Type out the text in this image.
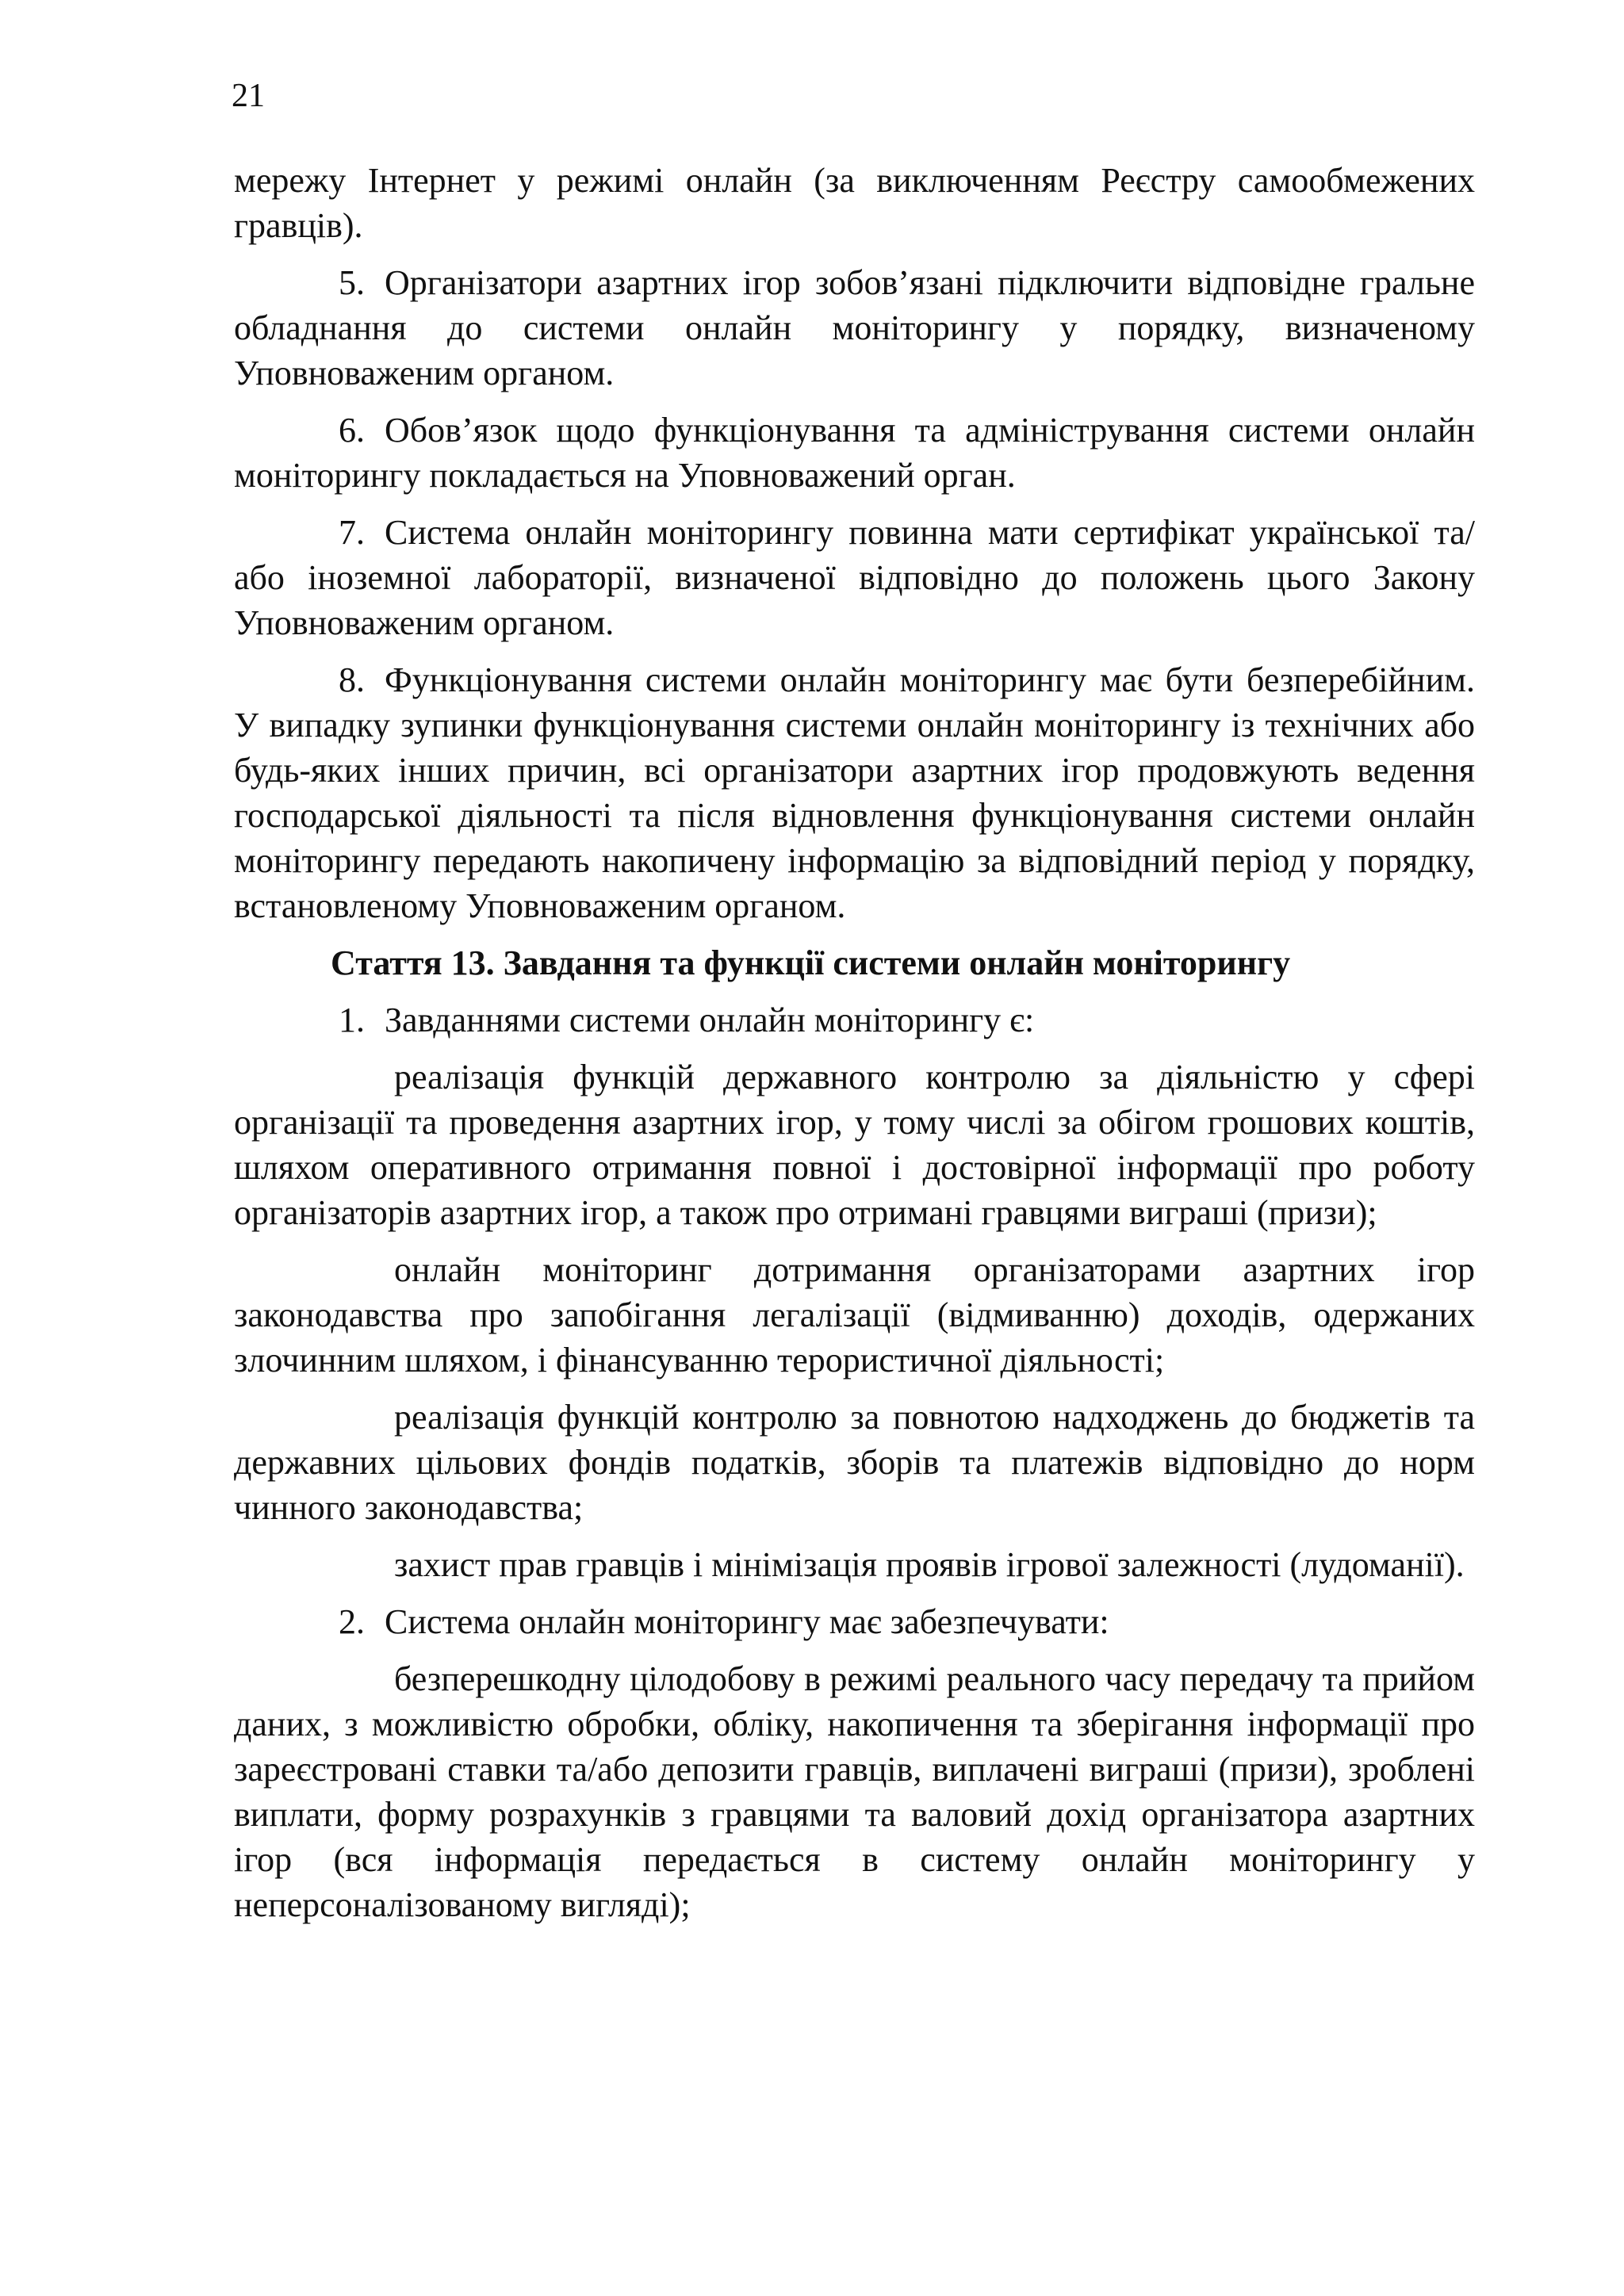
21

мережу Інтернет у режимі онлайн (за виключенням Реєстру самообмежених гравців).

5. Організатори азартних ігор зобов’язані підключити відповідне гральне обладнання до системи онлайн моніторингу у порядку, визначеному Уповноваженим органом.

6. Обов’язок щодо функціонування та адміністрування системи онлайн моніторингу покладається на Уповноважений орган.

7. Система онлайн моніторингу повинна мати сертифікат української та/або іноземної лабораторії, визначеної відповідно до положень цього Закону Уповноваженим органом.

8. Функціонування системи онлайн моніторингу має бути безперебійним. У випадку зупинки функціонування системи онлайн моніторингу із технічних або будь-яких інших причин, всі організатори азартних ігор продовжують ведення господарської діяльності та після відновлення функціонування системи онлайн моніторингу передають накопичену інформацію за відповідний період у порядку, встановленому Уповноваженим органом.

Стаття 13. Завдання та функції системи онлайн моніторингу

1. Завданнями системи онлайн моніторингу є:

реалізація функцій державного контролю за діяльністю у сфері організації та проведення азартних ігор, у тому числі за обігом грошових коштів, шляхом оперативного отримання повної і достовірної інформації про роботу організаторів азартних ігор, а також про отримані гравцями виграші (призи);

онлайн моніторинг дотримання організаторами азартних ігор законодавства про запобігання легалізації (відмиванню) доходів, одержаних злочинним шляхом, і фінансуванню терористичної діяльності;

реалізація функцій контролю за повнотою надходжень до бюджетів та державних цільових фондів податків, зборів та платежів відповідно до норм чинного законодавства;

захист прав гравців і мінімізація проявів ігрової залежності (лудоманії).

2. Система онлайн моніторингу має забезпечувати:

безперешкодну цілодобову в режимі реального часу передачу та прийом даних, з можливістю обробки, обліку, накопичення та зберігання інформації про зареєстровані ставки та/або депозити гравців, виплачені виграші (призи), зроблені виплати, форму розрахунків з гравцями та валовий дохід організатора азартних ігор (вся інформація передається в систему онлайн моніторингу у неперсоналізованому вигляді);
